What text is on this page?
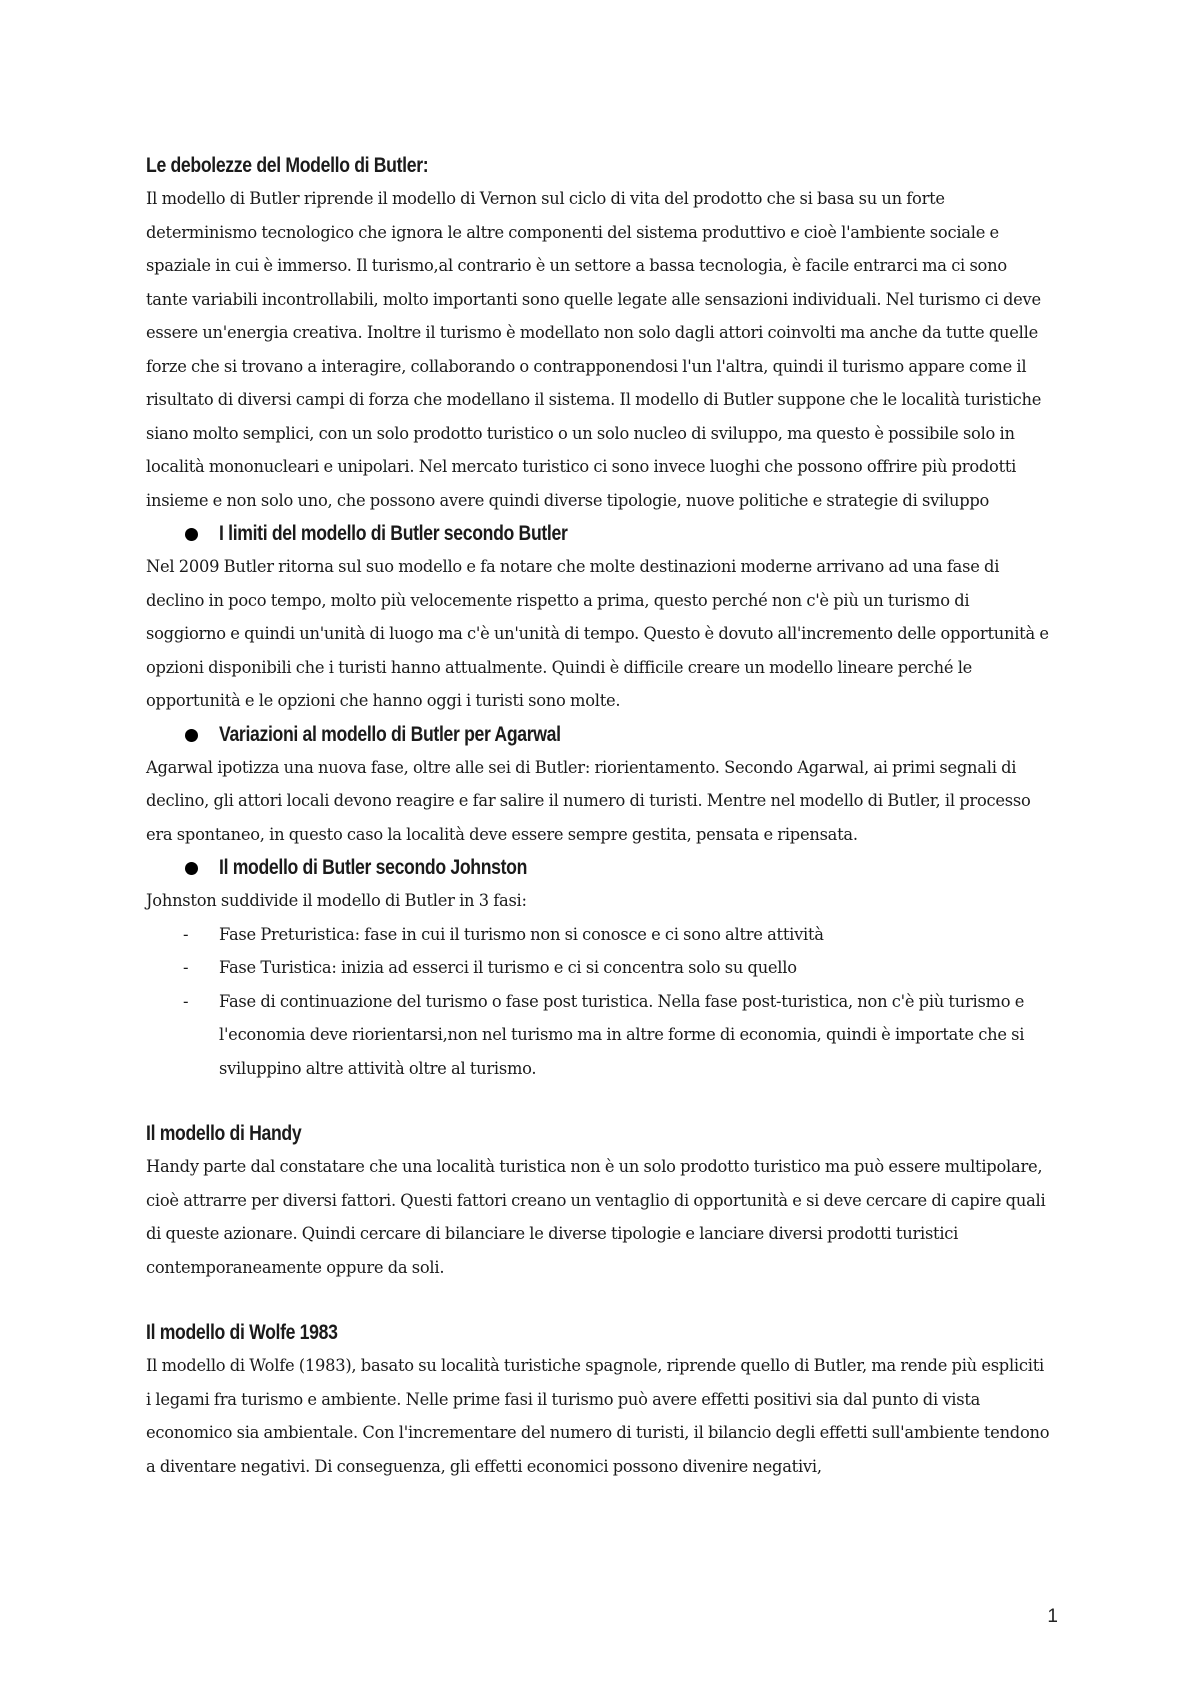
Le debolezze del Modello di Butler:

Il modello di Butler riprende il modello di Vernon sul ciclo di vita del prodotto che si basa su un forte determinismo tecnologico che ignora le altre componenti del sistema produttivo e cioè l'ambiente sociale e spaziale in cui è immerso. Il turismo,al contrario è un settore a bassa tecnologia, è facile entrarci ma ci sono tante variabili incontrollabili, molto importanti sono quelle legate alle sensazioni individuali. Nel turismo ci deve essere un'energia creativa. Inoltre il turismo è modellato non solo dagli attori coinvolti ma anche da tutte quelle forze che si trovano a interagire, collaborando o contrapponendosi l'un l'altra, quindi il turismo appare come il risultato di diversi campi di forza che modellano il sistema. Il modello di Butler suppone che le località turistiche siano molto semplici, con un solo prodotto turistico o un solo nucleo di sviluppo, ma questo è possibile solo in località mononucleari e unipolari. Nel mercato turistico ci sono invece luoghi che possono offrire più prodotti insieme e non solo uno, che possono avere quindi diverse tipologie, nuove politiche e strategie di sviluppo

I limiti del modello di Butler secondo Butler

Nel 2009 Butler ritorna sul suo modello e fa notare che molte destinazioni moderne arrivano ad una fase di declino in poco tempo, molto più velocemente rispetto a prima, questo perché non c'è più un turismo di soggiorno e quindi un'unità di luogo ma c'è un'unità di tempo. Questo è dovuto all'incremento delle opportunità e opzioni disponibili che i turisti hanno attualmente. Quindi è difficile creare un modello lineare perché le opportunità e le opzioni che hanno oggi i turisti sono molte.

Variazioni al modello di Butler per Agarwal

Agarwal ipotizza una nuova fase, oltre alle sei di Butler: riorientamento. Secondo Agarwal, ai primi segnali di declino, gli attori locali devono reagire e far salire il numero di turisti. Mentre nel modello di Butler, il processo era spontaneo, in questo caso la località deve essere sempre gestita, pensata e ripensata.

Il modello di Butler secondo Johnston

Johnston suddivide il modello di Butler in 3 fasi:

- Fase Preturistica: fase in cui il turismo non si conosce e ci sono altre attività
- Fase Turistica: inizia ad esserci il turismo e ci si concentra solo su quello
- Fase di continuazione del turismo o fase post turistica. Nella fase post-turistica, non c'è più turismo e l'economia deve riorientarsi,non nel turismo ma in altre forme di economia, quindi è importate che si sviluppino altre attività oltre al turismo.
Il modello di Handy

Handy parte dal constatare che una località turistica non è un solo prodotto turistico ma può essere multipolare, cioè attrarre per diversi fattori. Questi fattori creano un ventaglio di opportunità e si deve cercare di capire quali di queste azionare. Quindi cercare di bilanciare le diverse tipologie e lanciare diversi prodotti turistici contemporaneamente oppure da soli.

Il modello di Wolfe 1983

Il modello di Wolfe (1983), basato su località turistiche spagnole, riprende quello di Butler, ma rende più espliciti i legami fra turismo e ambiente. Nelle prime fasi il turismo può avere effetti positivi sia dal punto di vista economico sia ambientale. Con l'incrementare del numero di turisti, il bilancio degli effetti sull'ambiente tendono a diventare negativi. Di conseguenza, gli effetti economici possono divenire negativi,

1
